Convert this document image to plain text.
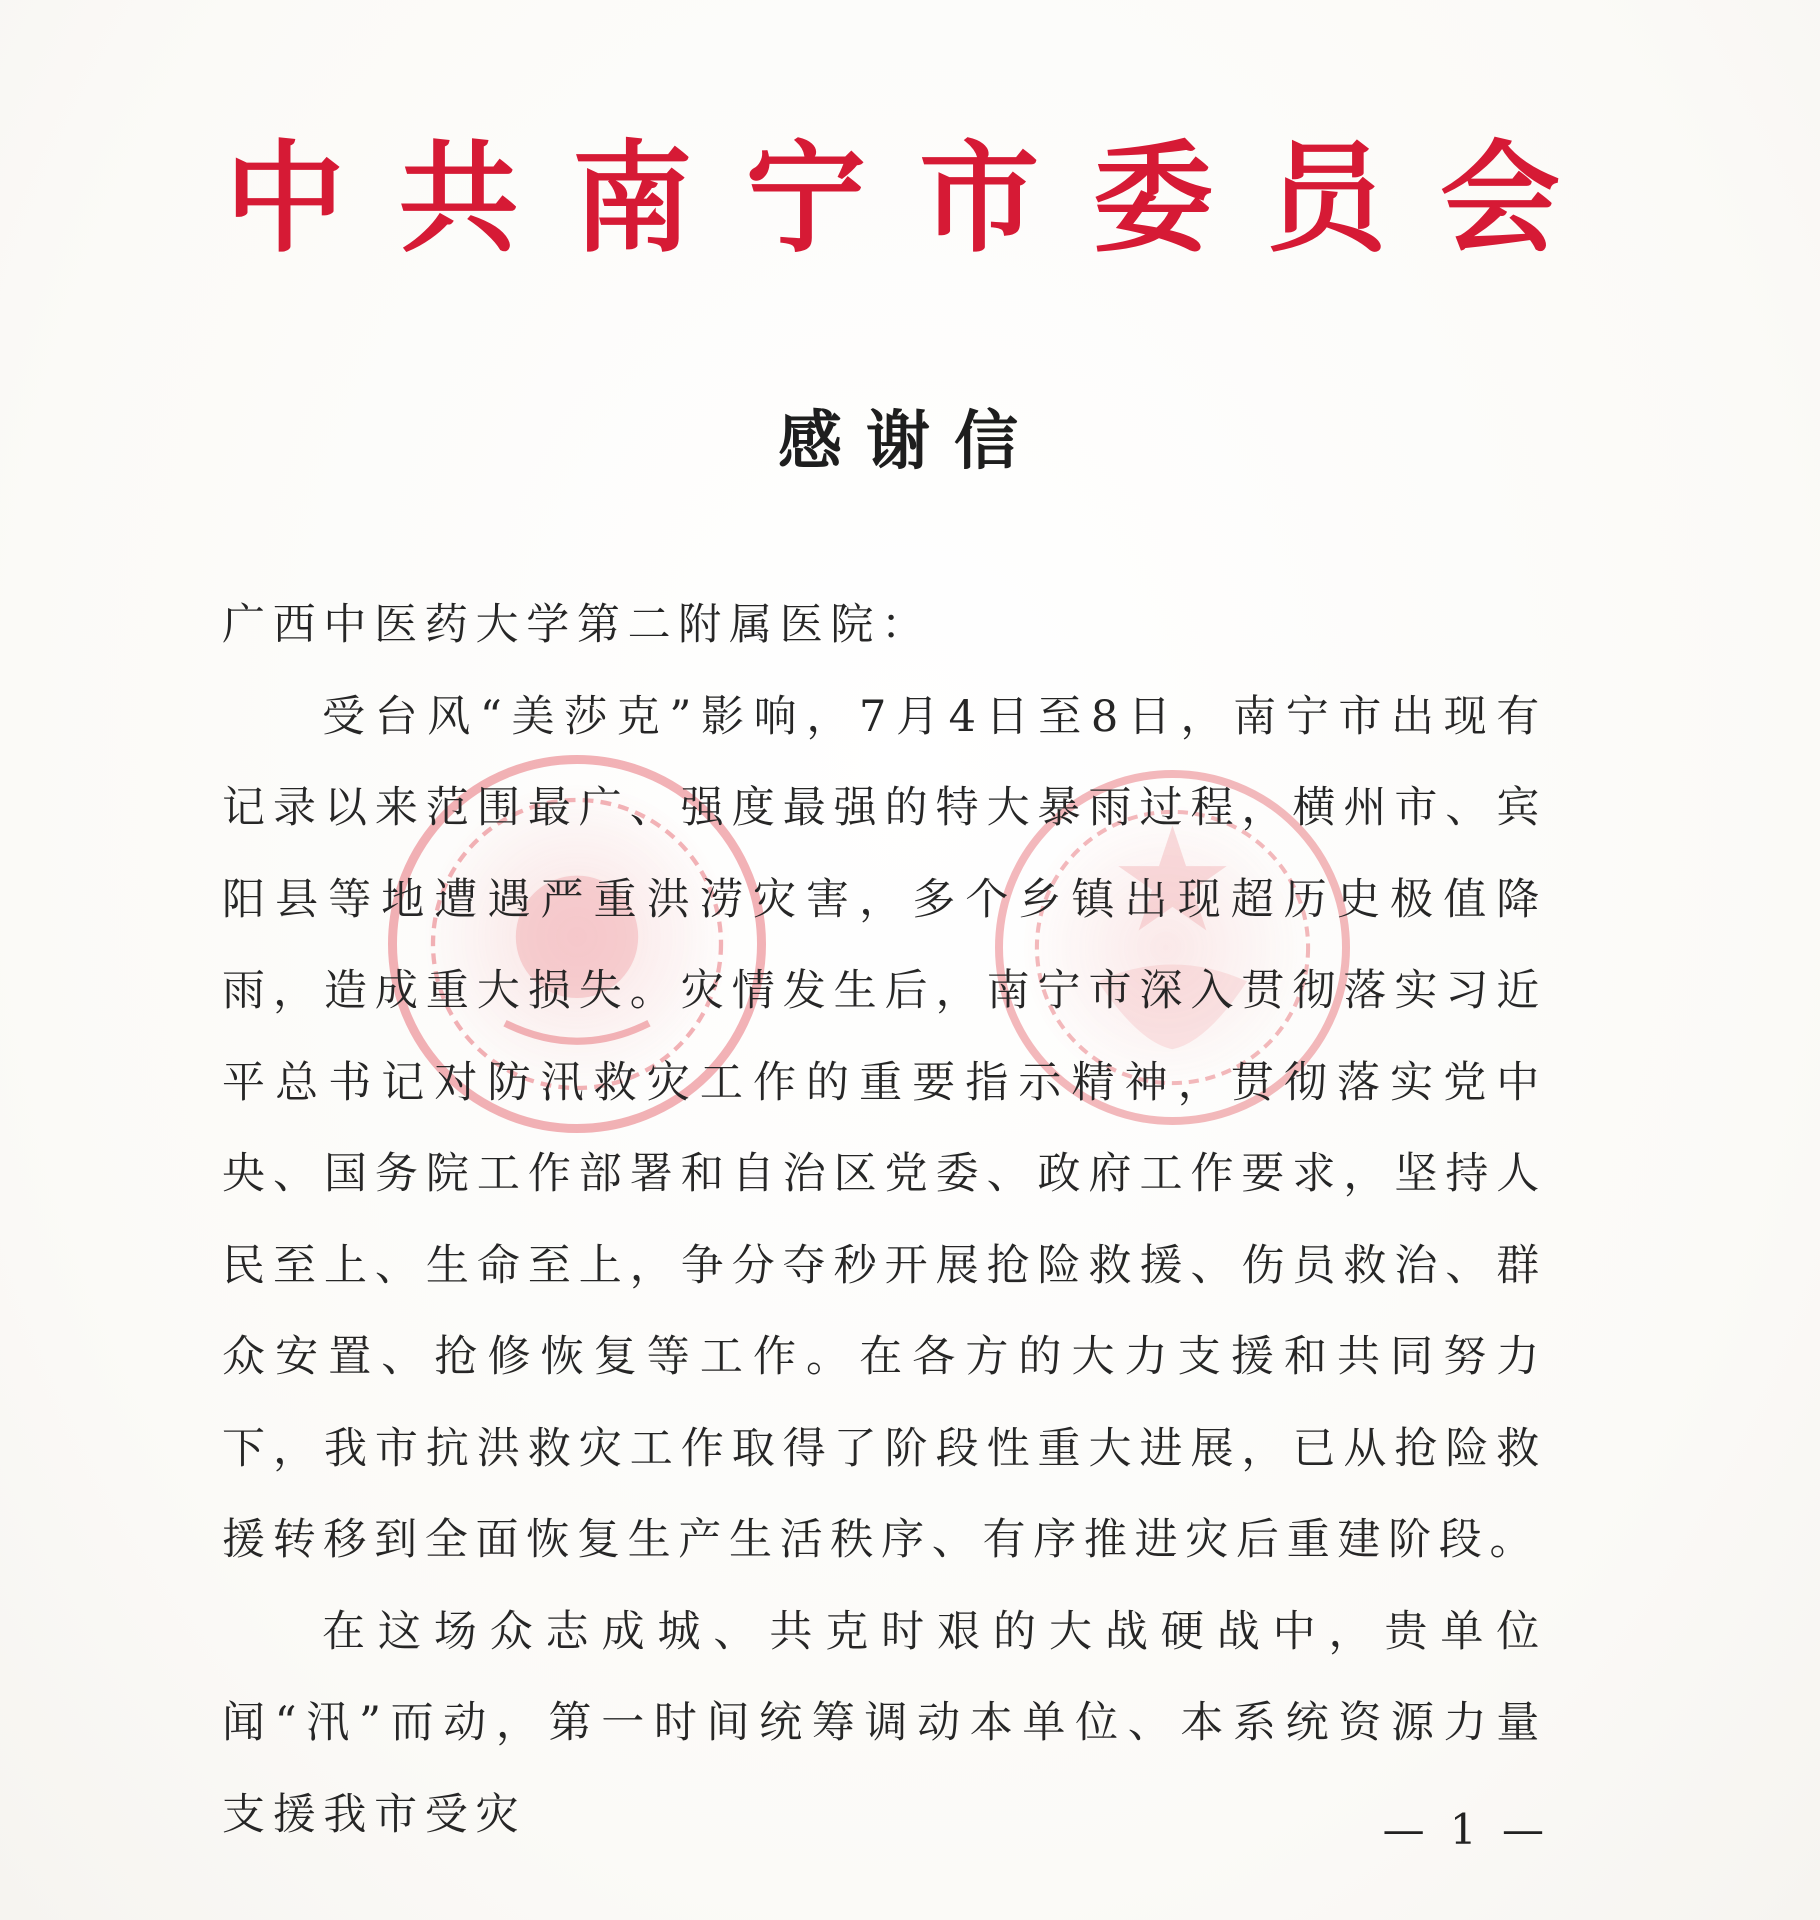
中 共 南 宁 市 委 员 会
感谢信

广西中医药大学第二附属医院：

受台风“美莎克”影响，7月4日至8日，南宁市出现有记录以来范围最广、强度最强的特大暴雨过程，横州市、宾阳县等地遭遇严重洪涝灾害，多个乡镇出现超历史极值降雨，造成重大损失。灾情发生后，南宁市深入贯彻落实习近平总书记对防汛救灾工作的重要指示精神，贯彻落实党中央、国务院工作部署和自治区党委、政府工作要求，坚持人民至上、生命至上，争分夺秒开展抢险救援、伤员救治、群众安置、抢修恢复等工作。在各方的大力支援和共同努力下，我市抗洪救灾工作取得了阶段性重大进展，已从抢险救援转移到全面恢复生产生活秩序、有序推进灾后重建阶段。

在这场众志成城、共克时艰的大战硬战中，贵单位闻“汛”而动，第一时间统筹调动本单位、本系统资源力量支援我市受灾	— 1 —
